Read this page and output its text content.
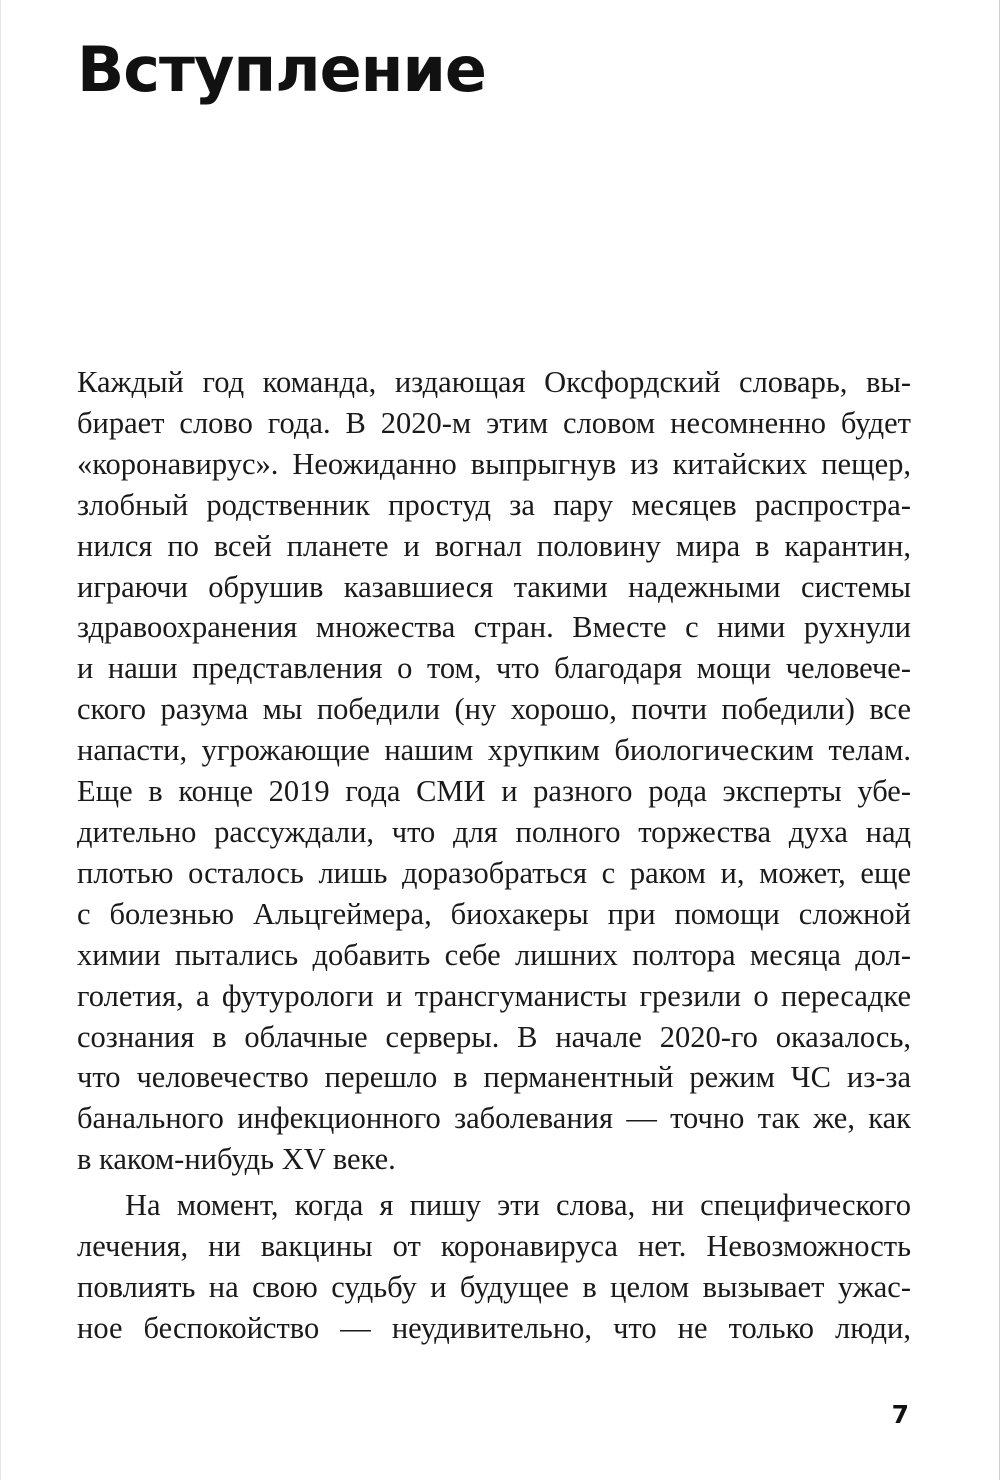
Вступление
Каждый год команда, издающая Оксфордский словарь, вы-
бирает слово года. В 2020-м этим словом несомненно будет
«коронавирус». Неожиданно выпрыгнув из китайских пещер,
злобный родственник простуд за пару месяцев распростра-
нился по всей планете и вогнал половину мира в карантин,
играючи обрушив казавшиеся такими надежными системы
здравоохранения множества стран. Вместе с ними рухнули
и наши представления о том, что благодаря мощи человече-
ского разума мы победили (ну хорошо, почти победили) все
напасти, угрожающие нашим хрупким биологическим телам.
Еще в конце 2019 года СМИ и разного рода эксперты убе-
дительно рассуждали, что для полного торжества духа над
плотью осталось лишь доразобраться с раком и, может, еще
с болезнью Альцгеймера, биохакеры при помощи сложной
химии пытались добавить себе лишних полтора месяца дол-
голетия, а футурологи и трансгуманисты грезили о пересадке
сознания в облачные серверы. В начале 2020-го оказалось,
что человечество перешло в перманентный режим ЧС из-за
банального инфекционного заболевания — точно так же, как
в каком-нибудь XV веке.
На момент, когда я пишу эти слова, ни специфического
лечения, ни вакцины от коронавируса нет. Невозможность
повлиять на свою судьбу и будущее в целом вызывает ужас-
ное беспокойство — неудивительно, что не только люди,
7
